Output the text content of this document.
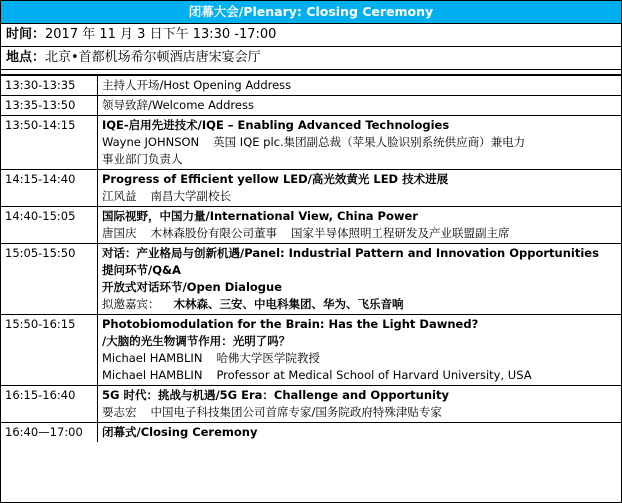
闭幕大会/Plenary: Closing Ceremony
时间：2017 年 11 月 3 日下午 13:30 -17:00
地点：北京•首都机场希尔顿酒店唐宋宴会厅
13:30-13:35	主持人开场/Host Opening Address

13:35-13:50	领导致辞/Welcome Address

13:50-14:15	IQE-启用先进技术/IQE – Enabling Advanced Technologies
Wayne JOHNSON 英国 IQE plc.集团副总裁（苹果人脸识别系统供应商）兼电力
事业部门负责人

14:15-14:40	Progress of Efficient yellow LED/高光效黄光 LED 技术进展
江风益 南昌大学副校长

14:40-15:05	国际视野，中国力量/International View, China Power
唐国庆 木林森股份有限公司董事 国家半导体照明工程研发及产业联盟副主席

15:05-15:50	对话：产业格局与创新机遇/Panel: Industrial Pattern and Innovation Opportunities
提问环节/Q&A
开放式对话环节/Open Dialogue
拟邀嘉宾： 木林森、三安、中电科集团、华为、飞乐音响

15:50-16:15	Photobiomodulation for the Brain: Has the Light Dawned?
/大脑的光生物调节作用：光明了吗？
Michael HAMBLIN 哈佛大学医学院教授
Michael HAMBLIN Professor at Medical School of Harvard University, USA

16:15-16:40	5G 时代：挑战与机遇/5G Era：Challenge and Opportunity
要志宏 中国电子科技集团公司首席专家/国务院政府特殊津贴专家

16:40—17:00	闭幕式/Closing Ceremony
